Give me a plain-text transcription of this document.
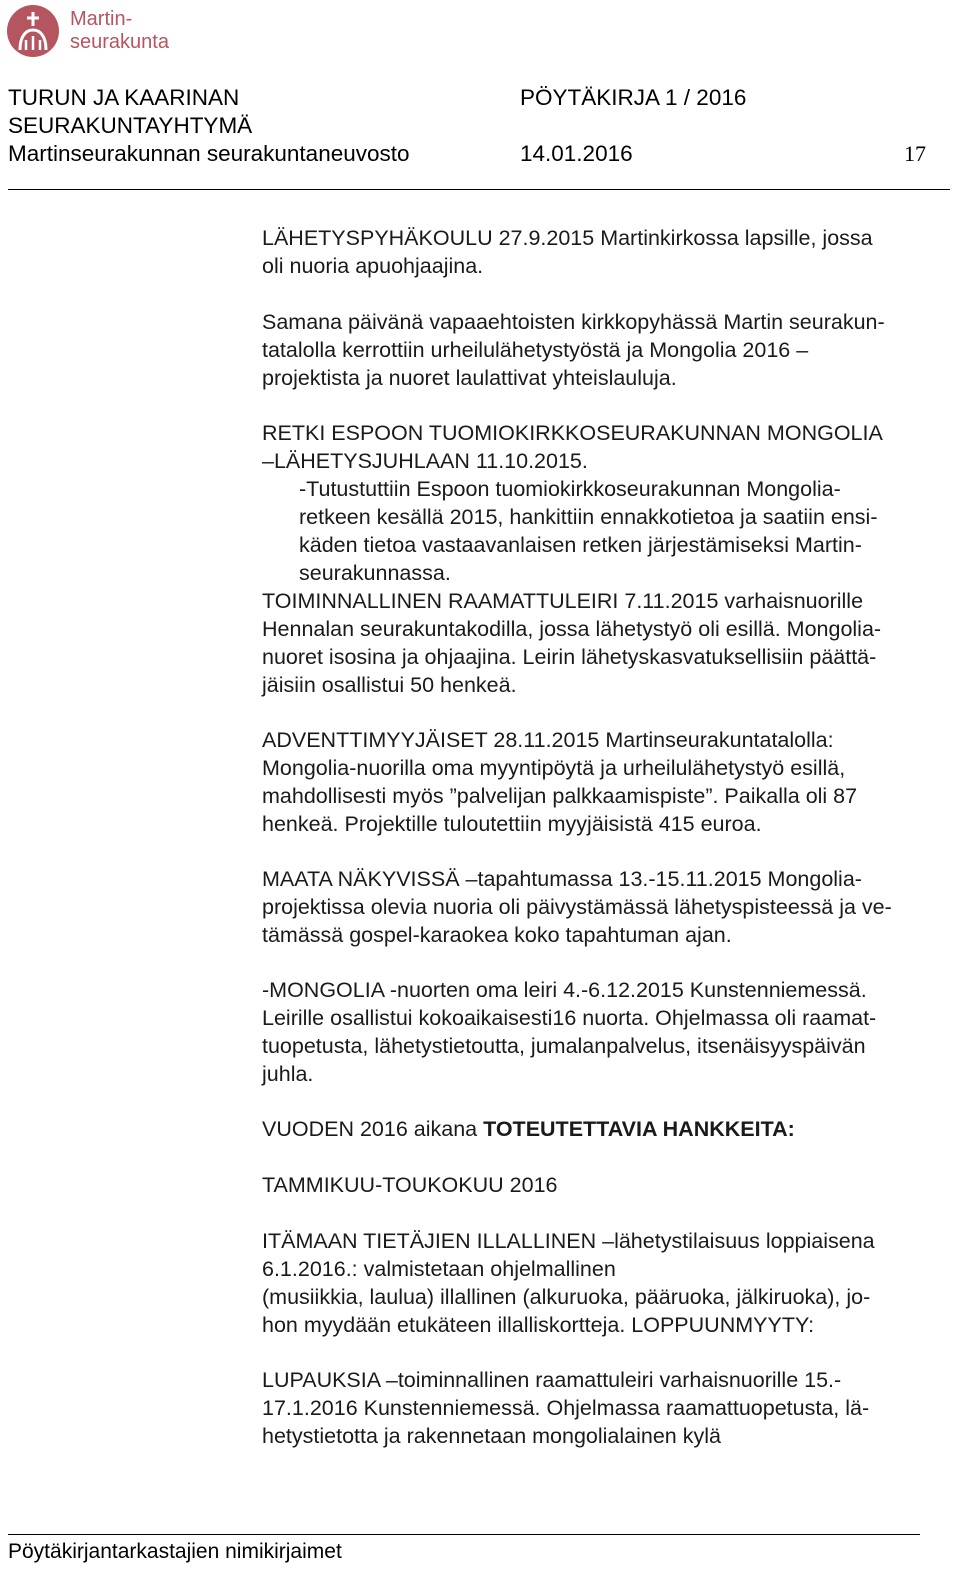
Martin-
seurakunta
TURUN JA KAARINAN
SEURAKUNTAYHTYMÄ
Martinseurakunnan seurakuntaneuvosto
PÖYTÄKIRJA 1 / 2016
14.01.2016	17
LÄHETYSPYHÄKOULU 27.9.2015 Martinkirkossa lapsille, jossa
oli nuoria apuohjaajina.
Samana päivänä vapaaehtoisten kirkkopyhässä Martin seurakun-
tatalolla kerrottiin urheilulähetystyöstä ja Mongolia 2016 –
projektista ja nuoret laulattivat yhteislauluja.
RETKI ESPOON TUOMIOKIRKKOSEURAKUNNAN MONGOLIA
–LÄHETYSJUHLAAN 11.10.2015.
-Tutustuttiin Espoon tuomiokirkkoseurakunnan Mongolia-
retkeen kesällä 2015, hankittiin ennakkotietoa ja saatiin ensi-
käden tietoa vastaavanlaisen retken järjestämiseksi Martin-
seurakunnassa.
TOIMINNALLINEN RAAMATTULEIRI 7.11.2015 varhaisnuorille
Hennalan seurakuntakodilla, jossa lähetystyö oli esillä. Mongolia-
nuoret isosina ja ohjaajina. Leirin lähetyskasvatuksellisiin päättä-
jäisiin osallistui 50 henkeä.
ADVENTTIMYYJÄISET 28.11.2015 Martinseurakuntatalolla:
Mongolia-nuorilla oma myyntipöytä ja urheilulähetystyö esillä,
mahdollisesti myös ”palvelijan palkkaamispiste”. Paikalla oli 87
henkeä. Projektille tuloutettiin myyjäisistä 415 euroa.
MAATA NÄKYVISSÄ –tapahtumassa 13.-15.11.2015 Mongolia-
projektissa olevia nuoria oli päivystämässä lähetyspisteessä ja ve-
tämässä gospel-karaokea koko tapahtuman ajan.
-MONGOLIA -nuorten oma leiri 4.-6.12.2015 Kunstenniemessä.
Leirille osallistui kokoaikaisesti16 nuorta. Ohjelmassa oli raamat-
tuopetusta, lähetystietoutta, jumalanpalvelus, itsenäisyyspäivän
juhla.
VUODEN 2016 aikana TOTEUTETTAVIA HANKKEITA:
TAMMIKUU-TOUKOKUU 2016
ITÄMAAN TIETÄJIEN ILLALLINEN –lähetystilaisuus loppiaisena
6.1.2016.: valmistetaan ohjelmallinen
(musiikkia, laulua) illallinen (alkuruoka, pääruoka, jälkiruoka), jo-
hon myydään etukäteen illalliskortteja. LOPPUUNMYYTY:
LUPAUKSIA –toiminnallinen raamattuleiri varhaisnuorille 15.-
17.1.2016 Kunstenniemessä. Ohjelmassa raamattuopetusta, lä-
hetystietotta ja rakennetaan mongolialainen kylä
Pöytäkirjantarkastajien nimikirjaimet
